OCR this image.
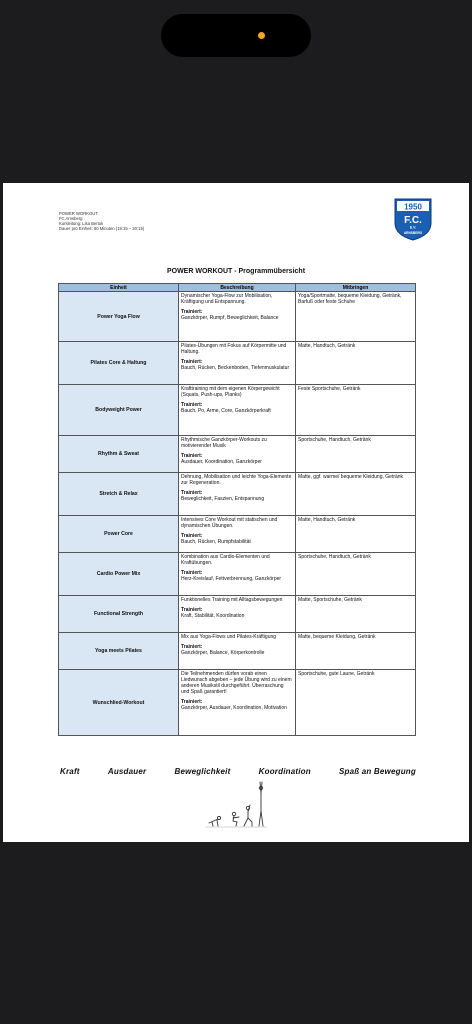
POWER WORKOUT
FC Arnsberg
Kursleitung: Lisa Bertok
Dauer pro Einheit: 60 Minuten (19:15 – 20:15)
1950
F.C.
E.V.
ARNSBERG
POWER WORKOUT - Programmübersicht
Einheit	Beschreibung	Mitbringen
Power Yoga Flow	Dynamischer Yoga-Flow zur Mobilisation, Kräftigung und Entspannung.
Trainiert:
Ganzkörper, Rumpf, Beweglichkeit, Balance	Yoga/Sportmatte, bequeme Kleidung, Getränk, Barfuß oder feste Schuhe
Pilates Core & Haltung	Pilates-Übungen mit Fokus auf Körpermitte und Haltung.
Trainiert:
Bauch, Rücken, Beckenboden, Tiefenmuskulatur	Matte, Handtuch, Getränk
Bodyweight Power	Krafttraining mit dem eigenen Körpergewicht (Squats, Push-ups, Planks)
Trainiert:
Bauch, Po, Arme, Core, Ganzkörperkraft	Feste Sportschuhe, Getränk
Rhythm & Sweat	Rhythmische Ganzkörper-Workouts zu motivierender Musik
Trainiert:
Ausdauer, Koordination, Ganzkörper	Sportschuhe, Handtuch, Getränk
Stretch & Relax	Dehnung, Mobilisation und leichte Yoga-Elemente zur Regeneration.
Trainiert:
Beweglichkeit, Faszien, Entspannung	Matte, ggf. warme/ bequeme Kleidung, Getränk
Power Core	Intensives Core Workout mit statischen und dynamischen Übungen.
Trainiert:
Bauch, Rücken, Rumpfstabilität	Matte, Handtuch, Getränk
Cardio Power Mix	Kombination aus Cardio-Elementen und Kraftübungen.
Trainiert:
Herz-Kreislauf, Fettverbrennung, Ganzkörper	Sportschuhe, Handtuch, Getränk
Functional Strength	Funktionelles Training mit Alltagsbewegungen
Trainiert:
Kraft, Stabilität, Koordination	Matte, Sportschuhe, Getränk
Yoga meets Pilates	Mix aus Yoga-Flows und Pilates-Kräftigung
Trainiert:
Ganzkörper, Balance, Körperkontrolle	Matte, bequeme Kleidung, Getränk
Wunschlied-Workout	Die Teilnehmenden dürfen vorab einen Liedwunsch abgeben – jede Übung wird zu einem anderen Musikstil durchgeführt. Überraschung und Spaß garantiert!
Trainiert:
Ganzkörper, Ausdauer, Koordination, Motivation	Sportschuhe, gute Laune, Getränk
Kraft	Ausdauer	Beweglichkeit	Koordination	Spaß an Bewegung
